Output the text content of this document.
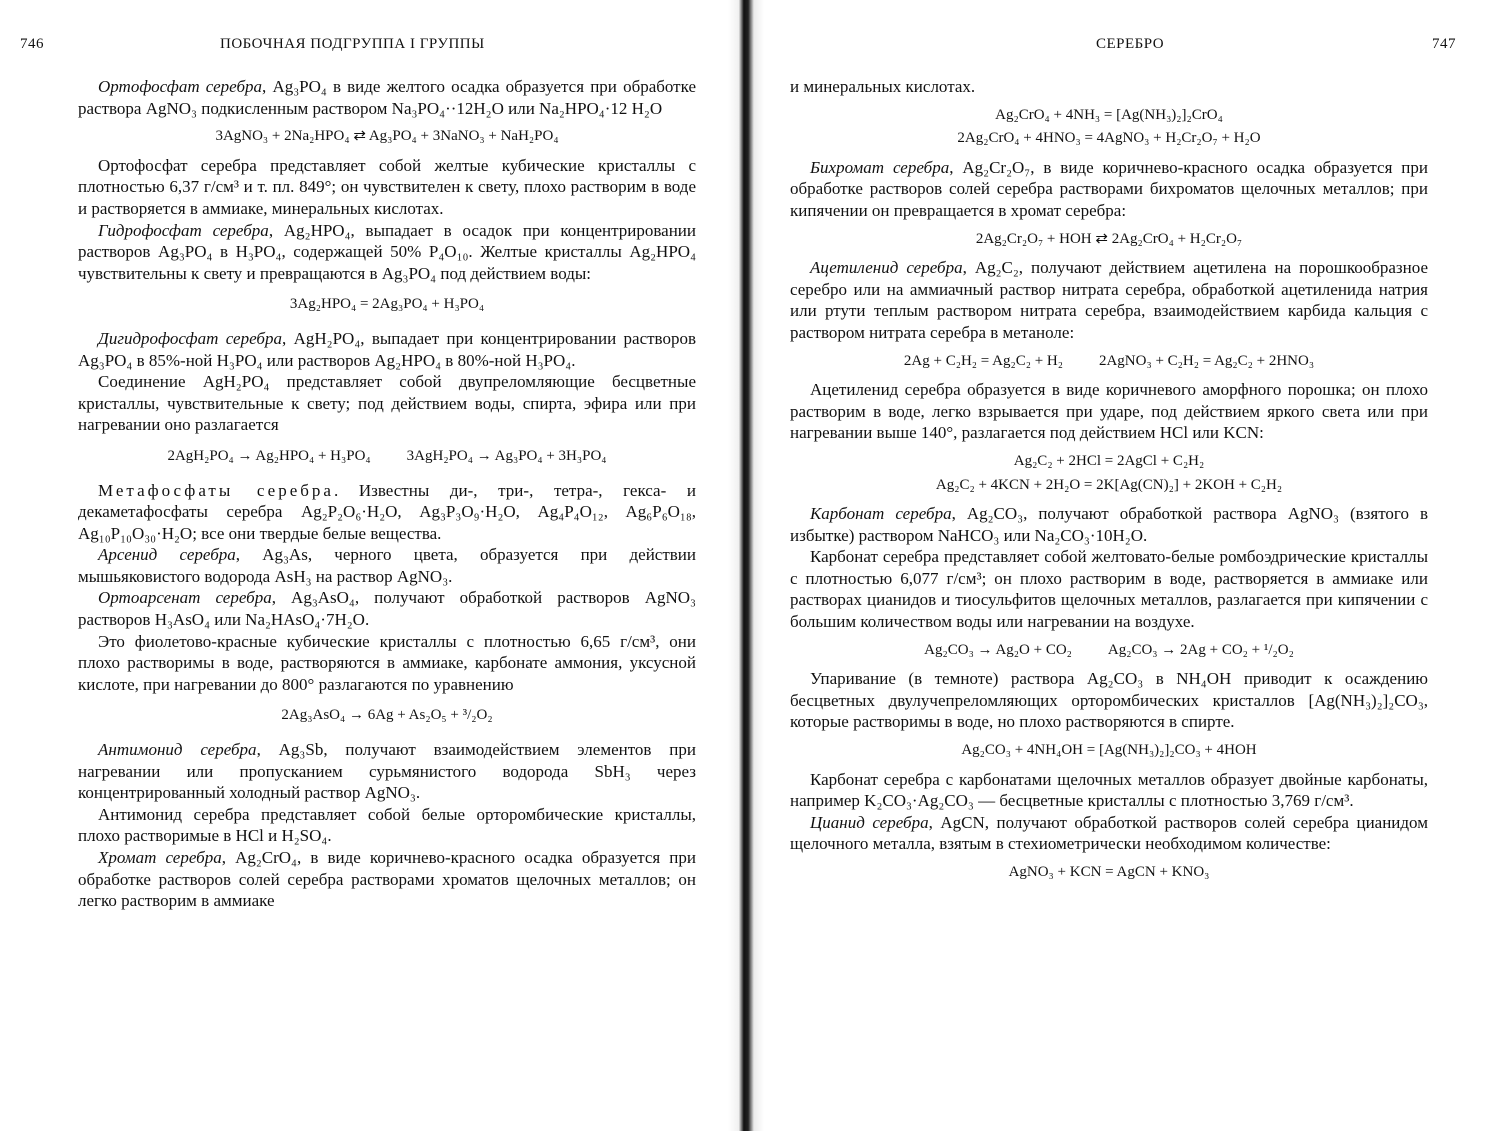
746	ПОБОЧНАЯ ПОДГРУППА I ГРУППЫ

Ортофосфат серебра, Ag₃PO₄ в виде желтого осадка образуется при обработке раствора AgNO₃ подкисленным раствором Na₃PO₄··12H₂O или Na₂HPO₄·12 H₂O

3AgNO₃ + 2Na₂HPO₄ ⇄ Ag₃PO₄ + 3NaNO₃ + NaH₂PO₄

Ортофосфат серебра представляет собой желтые кубические кристаллы с плотностью 6,37 г/см³ и т. пл. 849°; он чувствителен к свету, плохо растворим в воде и растворяется в аммиаке, минеральных кислотах.

Гидрофосфат серебра, Ag₂HPO₄, выпадает в осадок при концентрировании растворов Ag₃PO₄ в H₃PO₄, содержащей 50% P₄O₁₀. Желтые кристаллы Ag₂HPO₄ чувствительны к свету и превращаются в Ag₃PO₄ под действием воды:

3Ag₂HPO₄ = 2Ag₃PO₄ + H₃PO₄

Дигидрофосфат серебра, AgH₂PO₄, выпадает при концентрировании растворов Ag₃PO₄ в 85%-ной H₃PO₄ или растворов Ag₂HPO₄ в 80%-ной H₃PO₄.

Соединение AgH₂PO₄ представляет собой двупреломляющие бесцветные кристаллы, чувствительные к свету; под действием воды, спирта, эфира или при нагревании оно разлагается

2AgH₂PO₄ → Ag₂HPO₄ + H₃PO₄ 3AgH₂PO₄ → Ag₃PO₄ + 3H₃PO₄

Метафосфаты серебра. Известны ди-, три-, тетра-, гекса- и декаметафосфаты серебра Ag₂P₂O₆·H₂O, Ag₃P₃O₉·H₂O, Ag₄P₄O₁₂, Ag₆P₆O₁₈, Ag₁₀P₁₀O₃₀·H₂O; все они твердые белые вещества.

Арсенид серебра, Ag₃As, черного цвета, образуется при действии мышьяковистого водорода AsH₃ на раствор AgNO₃.

Ортоарсенат серебра, Ag₃AsO₄, получают обработкой растворов AgNO₃ растворов H₃AsO₄ или Na₂HAsO₄·7H₂O.

Это фиолетово-красные кубические кристаллы с плотностью 6,65 г/см³, они плохо растворимы в воде, растворяются в аммиаке, карбонате аммония, уксусной кислоте, при нагревании до 800° разлагаются по уравнению

2Ag₃AsO₄ → 6Ag + As₂O₅ + ³/₂O₂

Антимонид серебра, Ag₃Sb, получают взаимодействием элементов при нагревании или пропусканием сурьмянистого водорода SbH₃ через концентрированный холодный раствор AgNO₃.

Антимонид серебра представляет собой белые орторомбические кристаллы, плохо растворимые в HCl и H₂SO₄.

Хромат серебра, Ag₂CrO₄, в виде коричнево-красного осадка образуется при обработке растворов солей серебра растворами хроматов щелочных металлов; он легко растворим в аммиаке

СЕРЕБРО	747

и минеральных кислотах.

Ag₂CrO₄ + 4NH₃ = [Ag(NH₃)₂]₂CrO₄
2Ag₂CrO₄ + 4HNO₃ = 4AgNO₃ + H₂Cr₂O₇ + H₂O

Бихромат серебра, Ag₂Cr₂O₇, в виде коричнево-красного осадка образуется при обработке растворов солей серебра растворами бихроматов щелочных металлов; при кипячении он превращается в хромат серебра:

2Ag₂Cr₂O₇ + HOH ⇄ 2Ag₂CrO₄ + H₂Cr₂O₇

Ацетиленид серебра, Ag₂C₂, получают действием ацетилена на порошкообразное серебро или на аммиачный раствор нитрата серебра, обработкой ацетиленида натрия или ртути теплым раствором нитрата серебра, взаимодействием карбида кальция с раствором нитрата серебра в метаноле:

2Ag + C₂H₂ = Ag₂C₂ + H₂ 2AgNO₃ + C₂H₂ = Ag₂C₂ + 2HNO₃

Ацетиленид серебра образуется в виде коричневого аморфного порошка; он плохо растворим в воде, легко взрывается при ударе, под действием яркого света или при нагревании выше 140°, разлагается под действием HCl или KCN:

Ag₂C₂ + 2HCl = 2AgCl + C₂H₂
Ag₂C₂ + 4KCN + 2H₂O = 2K[Ag(CN)₂] + 2KOH + C₂H₂

Карбонат серебра, Ag₂CO₃, получают обработкой раствора AgNO₃ (взятого в избытке) раствором NaHCO₃ или Na₂CO₃·10H₂O.

Карбонат серебра представляет собой желтовато-белые ромбоэдрические кристаллы с плотностью 6,077 г/см³; он плохо растворим в воде, растворяется в аммиаке или растворах цианидов и тиосульфитов щелочных металлов, разлагается при кипячении с большим количеством воды или нагревании на воздухе.

Ag₂CO₃ → Ag₂O + CO₂ Ag₂CO₃ → 2Ag + CO₂ + ¹/₂O₂

Упаривание (в темноте) раствора Ag₂CO₃ в NH₄OH приводит к осаждению бесцветных двулучепреломляющих орторомбических кристаллов [Ag(NH₃)₂]₂CO₃, которые растворимы в воде, но плохо растворяются в спирте.

Ag₂CO₃ + 4NH₄OH = [Ag(NH₃)₂]₂CO₃ + 4HOH

Карбонат серебра с карбонатами щелочных металлов образует двойные карбонаты, например K₂CO₃·Ag₂CO₃ — бесцветные кристаллы с плотностью 3,769 г/см³.

Цианид серебра, AgCN, получают обработкой растворов солей серебра цианидом щелочного металла, взятым в стехиометрически необходимом количестве:

AgNO₃ + KCN = AgCN + KNO₃
